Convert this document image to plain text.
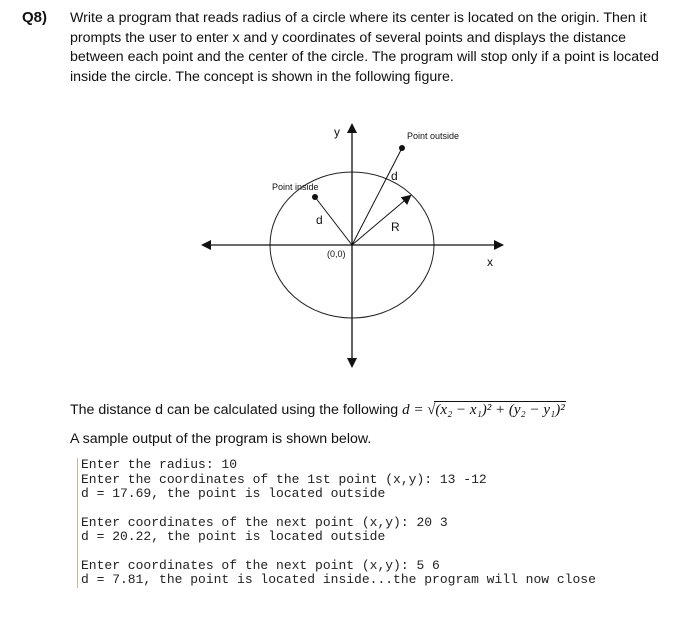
Q8) Write a program that reads radius of a circle where its center is located on the origin. Then it
prompts the user to enter x and y coordinates of several points and displays the distance
between each point and the center of the circle. The program will stop only if a point is located
inside the circle. The concept is shown in the following figure.
y
x
(0,0)
Point outside
Point inside
d
d	R
The distance d can be calculated using the following d = √(x₂ − x₁)² + (y₂ − y₁)²
A sample output of the program is shown below.
Enter the radius: 10
Enter the coordinates of the 1st point (x,y): 13 -12
d = 17.69, the point is located outside
Enter coordinates of the next point (x,y): 20 3
d = 20.22, the point is located outside
Enter coordinates of the next point (x,y): 5 6
d = 7.81, the point is located inside...the program will now close
